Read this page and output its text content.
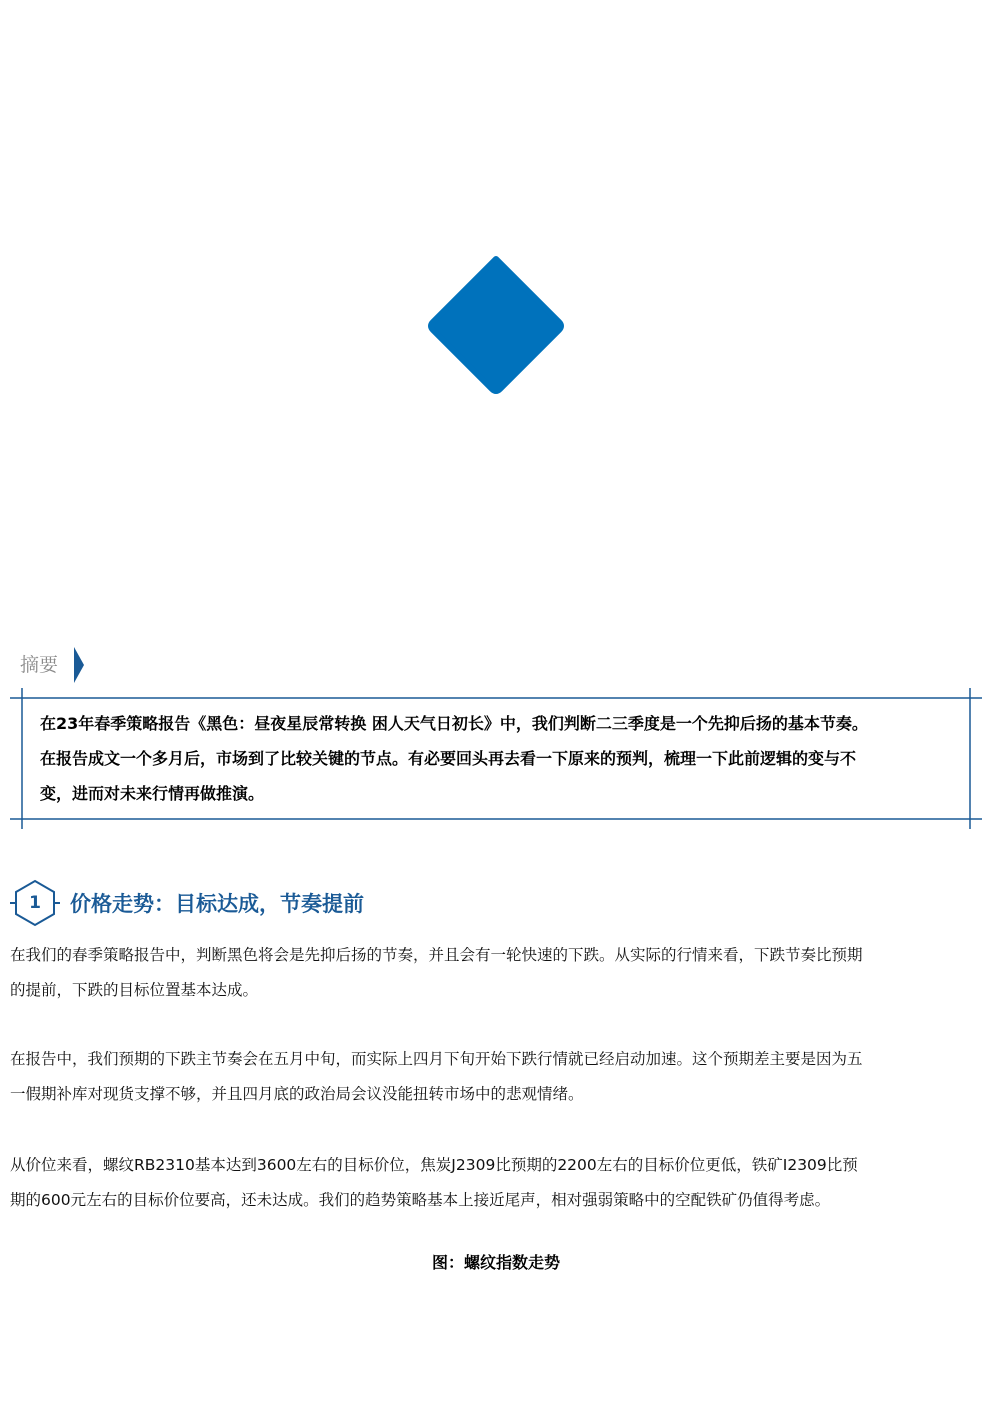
摘要
在23年春季策略报告《黑色：昼夜星辰常转换 困人天气日初长》中，我们判断二三季度是一个先抑后扬的基本节奏。
在报告成文一个多月后，市场到了比较关键的节点。有必要回头再去看一下原来的预判，梳理一下此前逻辑的变与不
变，进而对未来行情再做推演。
1	价格走势：目标达成，节奏提前
在我们的春季策略报告中，判断黑色将会是先抑后扬的节奏，并且会有一轮快速的下跌。从实际的行情来看，下跌节奏比预期
的提前，下跌的目标位置基本达成。
在报告中，我们预期的下跌主节奏会在五月中旬，而实际上四月下旬开始下跌行情就已经启动加速。这个预期差主要是因为五
一假期补库对现货支撑不够，并且四月底的政治局会议没能扭转市场中的悲观情绪。
从价位来看，螺纹RB2310基本达到3600左右的目标价位，焦炭J2309比预期的2200左右的目标价位更低，铁矿I2309比预
期的600元左右的目标价位要高，还未达成。我们的趋势策略基本上接近尾声，相对强弱策略中的空配铁矿仍值得考虑。
图：螺纹指数走势
